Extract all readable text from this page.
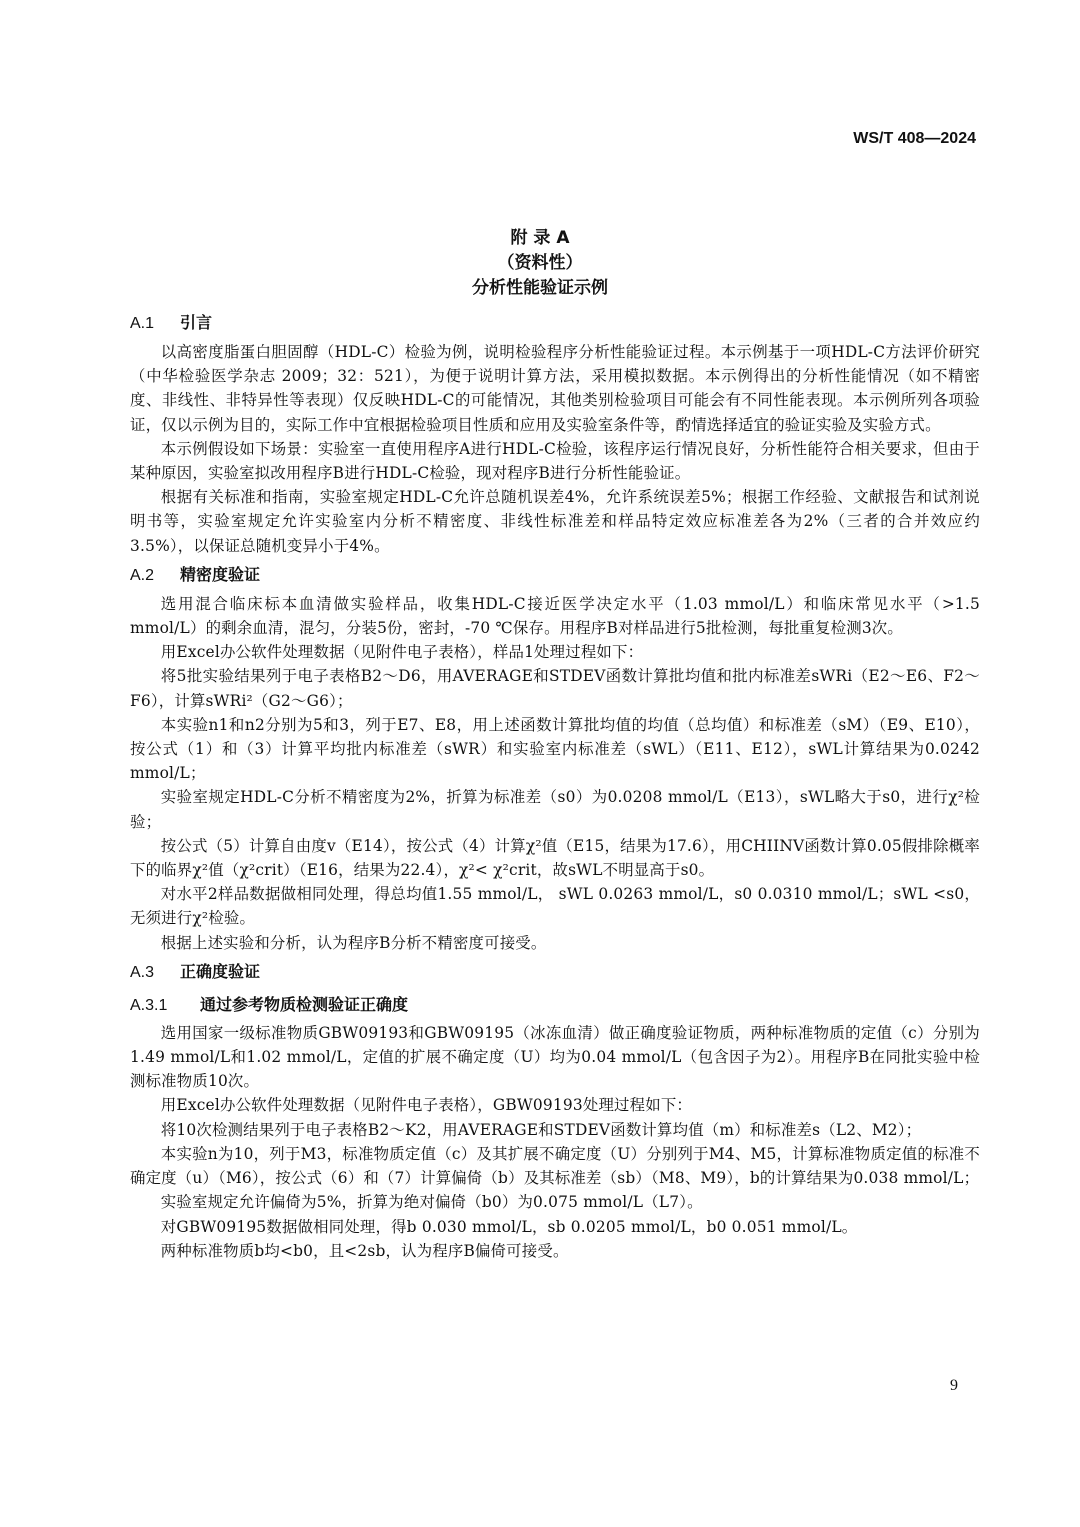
WS/T 408—2024
附 录 A
（资料性）
分析性能验证示例
A.1 引言

以高密度脂蛋白胆固醇（HDL-C）检验为例，说明检验程序分析性能验证过程。本示例基于一项HDL-C方法评价研究（中华检验医学杂志 2009；32：521），为便于说明计算方法，采用模拟数据。本示例得出的分析性能情况（如不精密度、非线性、非特异性等表现）仅反映HDL-C的可能情况，其他类别检验项目可能会有不同性能表现。本示例所列各项验证，仅以示例为目的，实际工作中宜根据检验项目性质和应用及实验室条件等，酌情选择适宜的验证实验及实验方式。

本示例假设如下场景：实验室一直使用程序A进行HDL-C检验，该程序运行情况良好，分析性能符合相关要求，但由于某种原因，实验室拟改用程序B进行HDL-C检验，现对程序B进行分析性能验证。

根据有关标准和指南，实验室规定HDL-C允许总随机误差4%，允许系统误差5%；根据工作经验、文献报告和试剂说明书等，实验室规定允许实验室内分析不精密度、非线性标准差和样品特定效应标准差各为2%（三者的合并效应约3.5%），以保证总随机变异小于4%。

A.2 精密度验证

选用混合临床标本血清做实验样品，收集HDL-C接近医学决定水平（1.03 mmol/L）和临床常见水平（>1.5 mmol/L）的剩余血清，混匀，分装5份，密封，-70 ℃保存。用程序B对样品进行5批检测，每批重复检测3次。

用Excel办公软件处理数据（见附件电子表格），样品1处理过程如下：

将5批实验结果列于电子表格B2～D6，用AVERAGE和STDEV函数计算批均值和批内标准差sWRi（E2～E6、F2～F6），计算sWRi²（G2～G6）；

本实验n1和n2分别为5和3，列于E7、E8，用上述函数计算批均值的均值（总均值）和标准差（sM）（E9、E10），按公式（1）和（3）计算平均批内标准差（sWR）和实验室内标准差（sWL）（E11、E12），sWL计算结果为0.0242 mmol/L；

实验室规定HDL-C分析不精密度为2%，折算为标准差（s0）为0.0208 mmol/L（E13），sWL略大于s0，进行χ²检验；

按公式（5）计算自由度v（E14），按公式（4）计算χ²值（E15，结果为17.6），用CHIINV函数计算0.05假排除概率下的临界χ²值（χ²crit）（E16，结果为22.4），χ²< χ²crit，故sWL不明显高于s0。

对水平2样品数据做相同处理，得总均值1.55 mmol/L， sWL 0.0263 mmol/L，s0 0.0310 mmol/L；sWL <s0，无须进行χ²检验。

根据上述实验和分析，认为程序B分析不精密度可接受。

A.3 正确度验证
A.3.1 通过参考物质检测验证正确度

选用国家一级标准物质GBW09193和GBW09195（冰冻血清）做正确度验证物质，两种标准物质的定值（c）分别为1.49 mmol/L和1.02 mmol/L，定值的扩展不确定度（U）均为0.04 mmol/L（包含因子为2）。用程序B在同批实验中检测标准物质10次。

用Excel办公软件处理数据（见附件电子表格），GBW09193处理过程如下：

将10次检测结果列于电子表格B2～K2，用AVERAGE和STDEV函数计算均值（m）和标准差s（L2、M2）；

本实验n为10，列于M3，标准物质定值（c）及其扩展不确定度（U）分别列于M4、M5，计算标准物质定值的标准不确定度（u）（M6），按公式（6）和（7）计算偏倚（b）及其标准差（sb）（M8、M9），b的计算结果为0.038 mmol/L；

实验室规定允许偏倚为5%，折算为绝对偏倚（b0）为0.075 mmol/L（L7）。

对GBW09195数据做相同处理，得b 0.030 mmol/L，sb 0.0205 mmol/L，b0 0.051 mmol/L。

两种标准物质b均<b0，且<2sb，认为程序B偏倚可接受。

9
